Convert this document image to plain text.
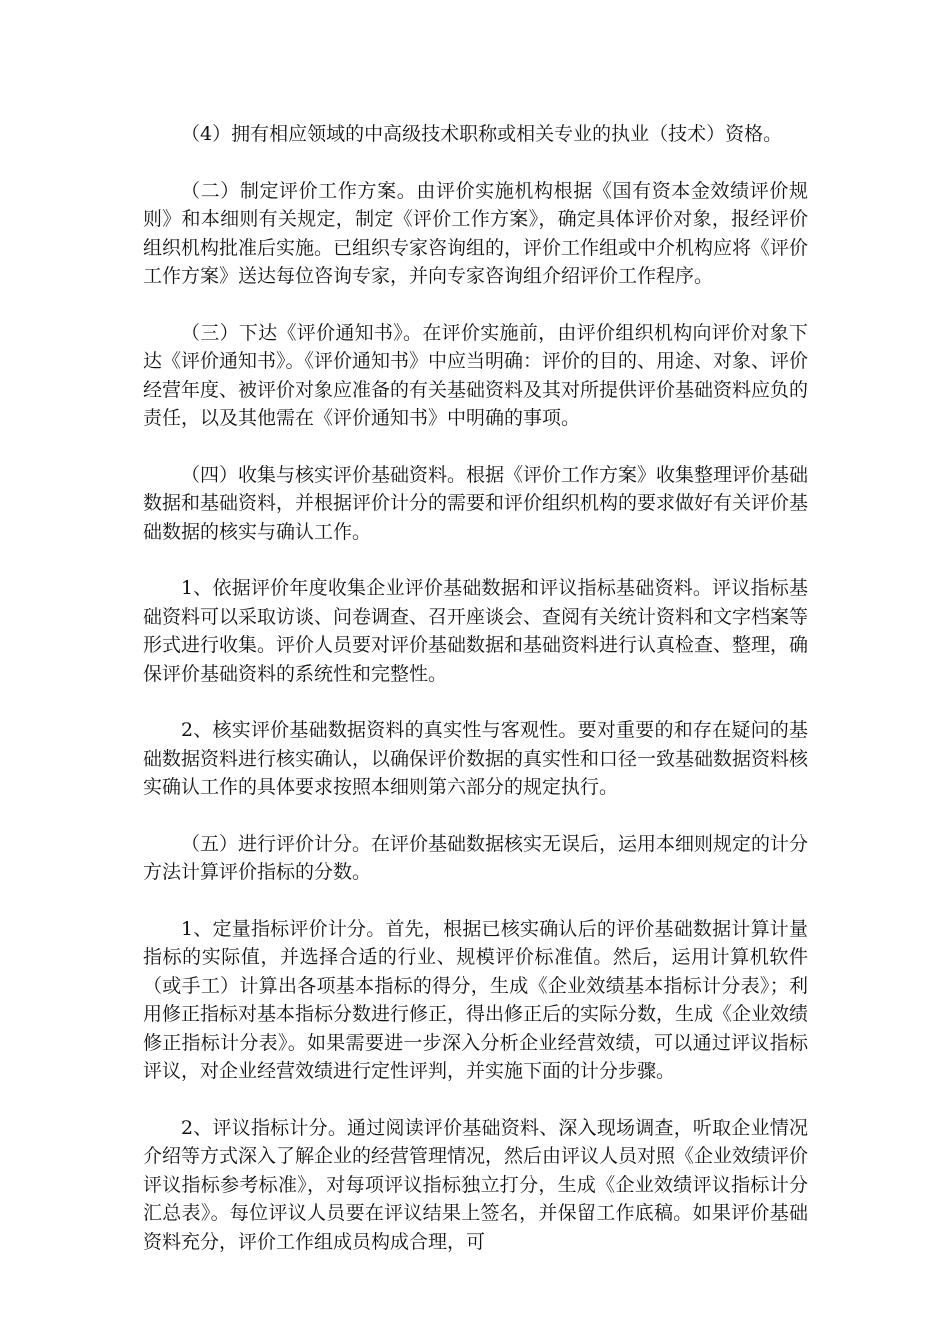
（4）拥有相应领域的中高级技术职称或相关专业的执业（技术）资格。

（二）制定评价工作方案。由评价实施机构根据《国有资本金效绩评价规则》和本细则有关规定，制定《评价工作方案》，确定具体评价对象，报经评价组织机构批准后实施。已组织专家咨询组的，评价工作组或中介机构应将《评价工作方案》送达每位咨询专家，并向专家咨询组介绍评价工作程序。

（三）下达《评价通知书》。在评价实施前，由评价组织机构向评价对象下达《评价通知书》。《评价通知书》中应当明确：评价的目的、用途、对象、评价经营年度、被评价对象应准备的有关基础资料及其对所提供评价基础资料应负的责任，以及其他需在《评价通知书》中明确的事项。

（四）收集与核实评价基础资料。根据《评价工作方案》收集整理评价基础数据和基础资料，并根据评价计分的需要和评价组织机构的要求做好有关评价基础数据的核实与确认工作。

1、依据评价年度收集企业评价基础数据和评议指标基础资料。评议指标基础资料可以采取访谈、问卷调查、召开座谈会、查阅有关统计资料和文字档案等形式进行收集。评价人员要对评价基础数据和基础资料进行认真检查、整理，确保评价基础资料的系统性和完整性。

2、核实评价基础数据资料的真实性与客观性。要对重要的和存在疑问的基础数据资料进行核实确认，以确保评价数据的真实性和口径一致基础数据资料核实确认工作的具体要求按照本细则第六部分的规定执行。

（五）进行评价计分。在评价基础数据核实无误后，运用本细则规定的计分方法计算评价指标的分数。

1、定量指标评价计分。首先，根据已核实确认后的评价基础数据计算计量指标的实际值，并选择合适的行业、规模评价标准值。然后，运用计算机软件（或手工）计算出各项基本指标的得分，生成《企业效绩基本指标计分表》；利用修正指标对基本指标分数进行修正，得出修正后的实际分数，生成《企业效绩修正指标计分表》。如果需要进一步深入分析企业经营效绩，可以通过评议指标评议，对企业经营效绩进行定性评判，并实施下面的计分步骤。

2、评议指标计分。通过阅读评价基础资料、深入现场调查，听取企业情况介绍等方式深入了解企业的经营管理情况，然后由评议人员对照《企业效绩评价评议指标参考标准》，对每项评议指标独立打分，生成《企业效绩评议指标计分汇总表》。每位评议人员要在评议结果上签名，并保留工作底稿。如果评价基础资料充分，评价工作组成员构成合理，可
